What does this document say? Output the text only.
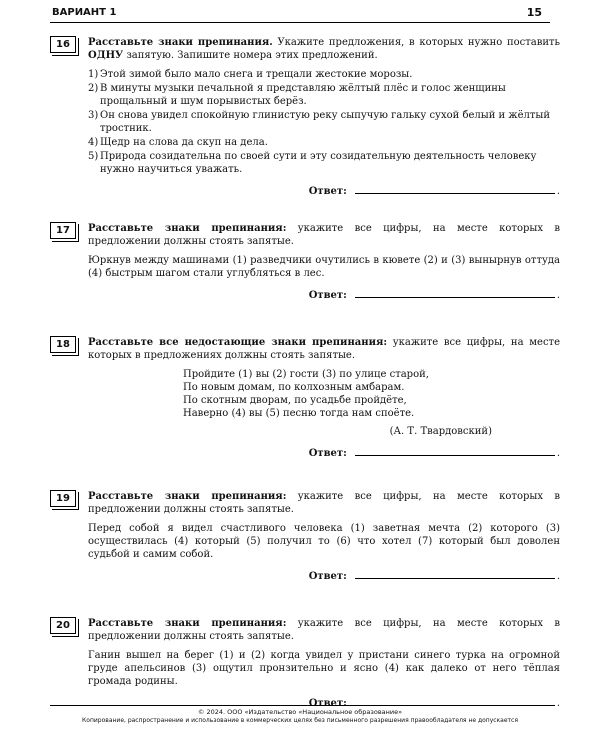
ВАРИАНТ 1	15
16	Расставьте знаки препинания. Укажите предложения, в которых нужно поставить ОДНУ запятую. Запишите номера этих предложений.
1) Этой зимой было мало снега и трещали жестокие морозы.
2) В минуты музыки печальной я представляю жёлтый плёс и голос женщины прощальный и шум порывистых берёз.
3) Он снова увидел спокойную глинистую реку сыпучую гальку сухой белый и жёлтый тростник.
4) Щедр на слова да скуп на дела.
5) Природа созидательна по своей сути и эту созидательную деятельность человеку нужно научиться уважать.
Ответ:	.
17	Расставьте знаки препинания: укажите все цифры, на месте которых в предложении должны стоять запятые.
Юркнув между машинами (1) разведчики очутились в кювете (2) и (3) вынырнув оттуда (4) быстрым шагом стали углубляться в лес.
Ответ:	.
18	Расставьте все недостающие знаки препинания: укажите все цифры, на месте которых в предложениях должны стоять запятые.
Пройдите (1) вы (2) гости (3) по улице старой,
По новым домам, по колхозным амбарам.
По скотным дворам, по усадьбе пройдёте,
Наверно (4) вы (5) песню тогда нам споёте.
(А. Т. Твардовский)
Ответ:	.
19	Расставьте знаки препинания: укажите все цифры, на месте которых в предложении должны стоять запятые.
Перед собой я видел счастливого человека (1) заветная мечта (2) которого (3) осуществилась (4) который (5) получил то (6) что хотел (7) который был доволен судьбой и самим собой.
Ответ:	.
20	Расставьте знаки препинания: укажите все цифры, на месте которых в предложении должны стоять запятые.
Ганин вышел на берег (1) и (2) когда увидел у пристани синего турка на огромной груде апельсинов (3) ощутил пронзительно и ясно (4) как далеко от него тёплая громада родины.
Ответ:	.
© 2024. ООО «Издательство «Национальное образование»
Копирование, распространение и использование в коммерческих целях без письменного разрешения правообладателя не допускается
